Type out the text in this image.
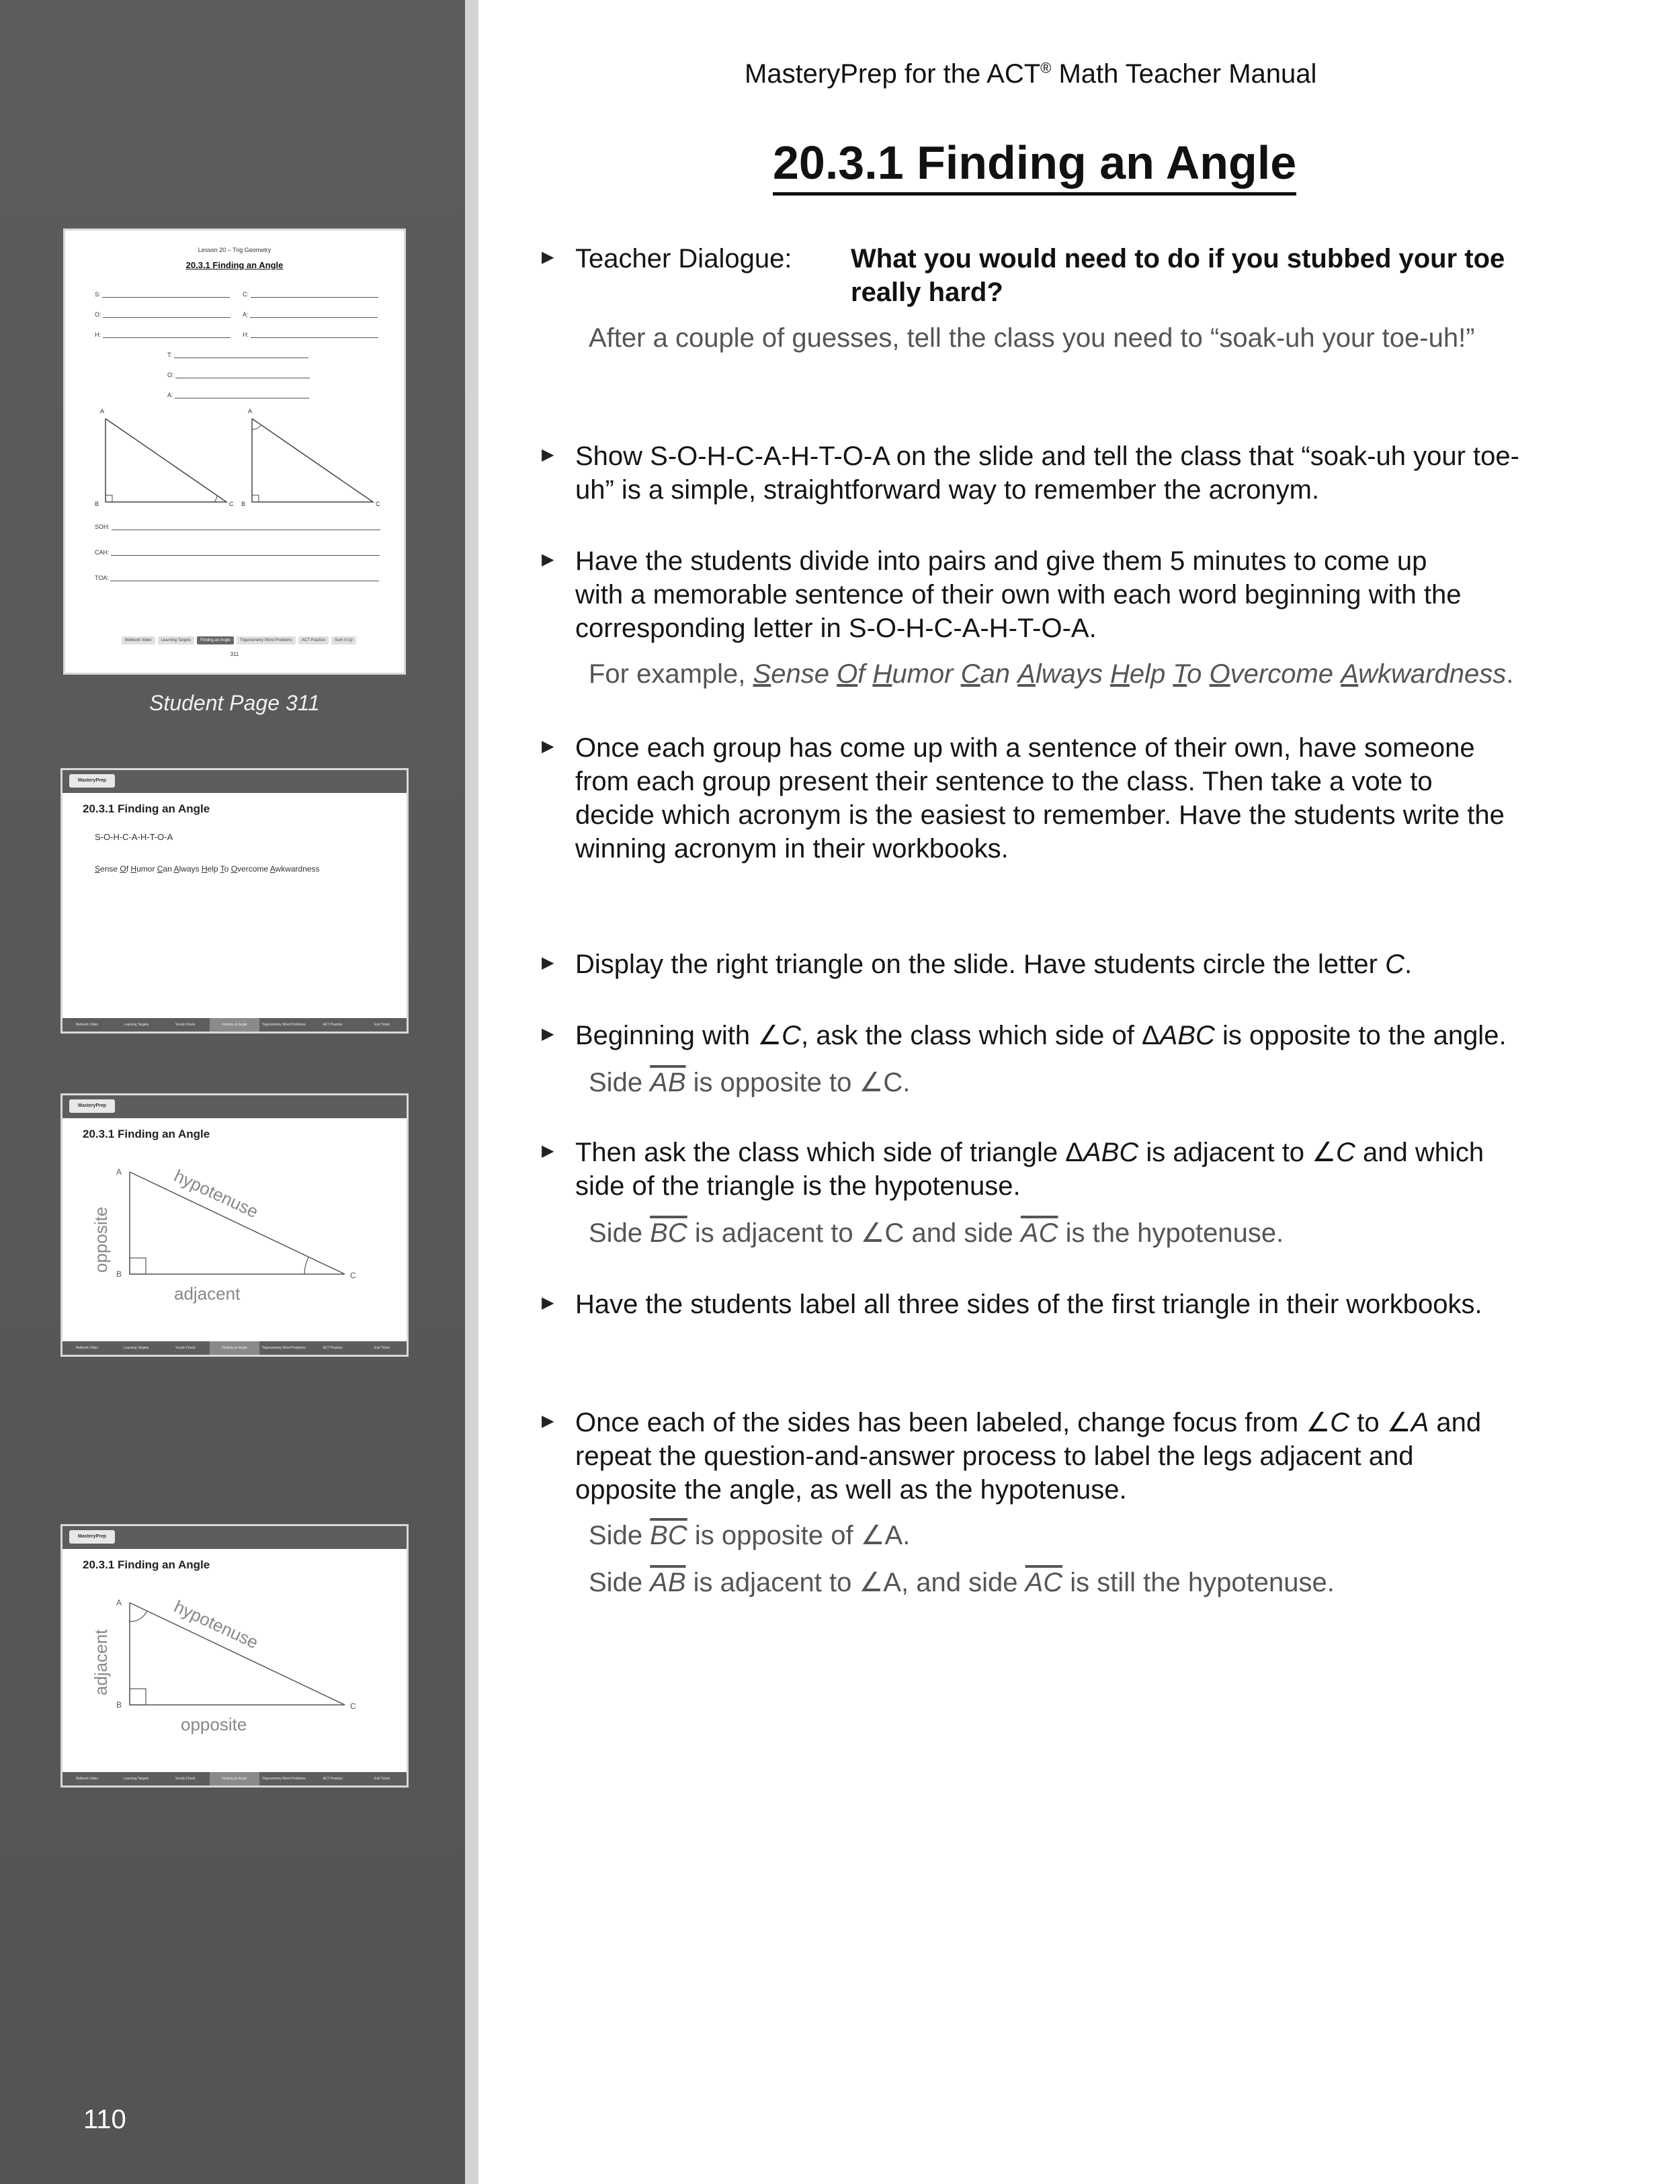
Lesson 20 – Trig Geometry
20.3.1 Finding an Angle
S:
O:
H:
C:
A:
H:
T:
O:
A:
A
B	C
A
B	C
SOH:
CAH:
TOA:
Bellwork Video	Learning Targets	Finding an Angle	Trigonometry Word Problems	ACT Practice	Sum It Up
311
Student Page 311
MasteryPrep
20.3.1 Finding an Angle
S-O-H-C-A-H-T-O-A
Sense Of Humor Can Always Help To Overcome Awkwardness
Bellwork Video	Learning Targets	Vocab Check	Finding an Angle	Trigonometry Word Problems	ACT Practice	Exit Ticket
MasteryPrep
20.3.1 Finding an Angle
A
B	C
hypotenuse
opposite
adjacent
Bellwork Video	Learning Targets	Vocab Check	Finding an Angle	Trigonometry Word Problems	ACT Practice	Exit Ticket
MasteryPrep
20.3.1 Finding an Angle
A
B	C
hypotenuse
adjacent
opposite
Bellwork Video	Learning Targets	Vocab Check	Finding an Angle	Trigonometry Word Problems	ACT Practice	Exit Ticket
110
MasteryPrep for the ACT® Math Teacher Manual
20.3.1 Finding an Angle
▶ Teacher Dialogue: What you would need to do if you stubbed your toe
really hard?
After a couple of guesses, tell the class you need to “soak-uh your toe-uh!”
▶ Show S-O-H-C-A-H-T-O-A on the slide and tell the class that “soak-uh your toe-
uh” is a simple, straightforward way to remember the acronym.
▶ Have the students divide into pairs and give them 5 minutes to come up
with a memorable sentence of their own with each word beginning with the
corresponding letter in S-O-H-C-A-H-T-O-A.
For example, Sense Of Humor Can Always Help To Overcome Awkwardness.
▶ Once each group has come up with a sentence of their own, have someone
from each group present their sentence to the class. Then take a vote to
decide which acronym is the easiest to remember. Have the students write the
winning acronym in their workbooks.
▶ Display the right triangle on the slide. Have students circle the letter C.
▶ Beginning with ∠C, ask the class which side of ΔABC is opposite to the angle.
Side $\overline{AB}$ is opposite to ∠C.
▶ Then ask the class which side of triangle ΔABC is adjacent to ∠C and which
side of the triangle is the hypotenuse.
Side $\overline{BC}$ is adjacent to ∠C and side $\overline{AC}$ is the hypotenuse.
▶ Have the students label all three sides of the first triangle in their workbooks.
▶ Once each of the sides has been labeled, change focus from ∠C to ∠A and
repeat the question-and-answer process to label the legs adjacent and
opposite the angle, as well as the hypotenuse.
Side $\overline{BC}$ is opposite of ∠A.
Side $\overline{AB}$ is adjacent to ∠A, and side $\overline{AC}$ is still the hypotenuse.
